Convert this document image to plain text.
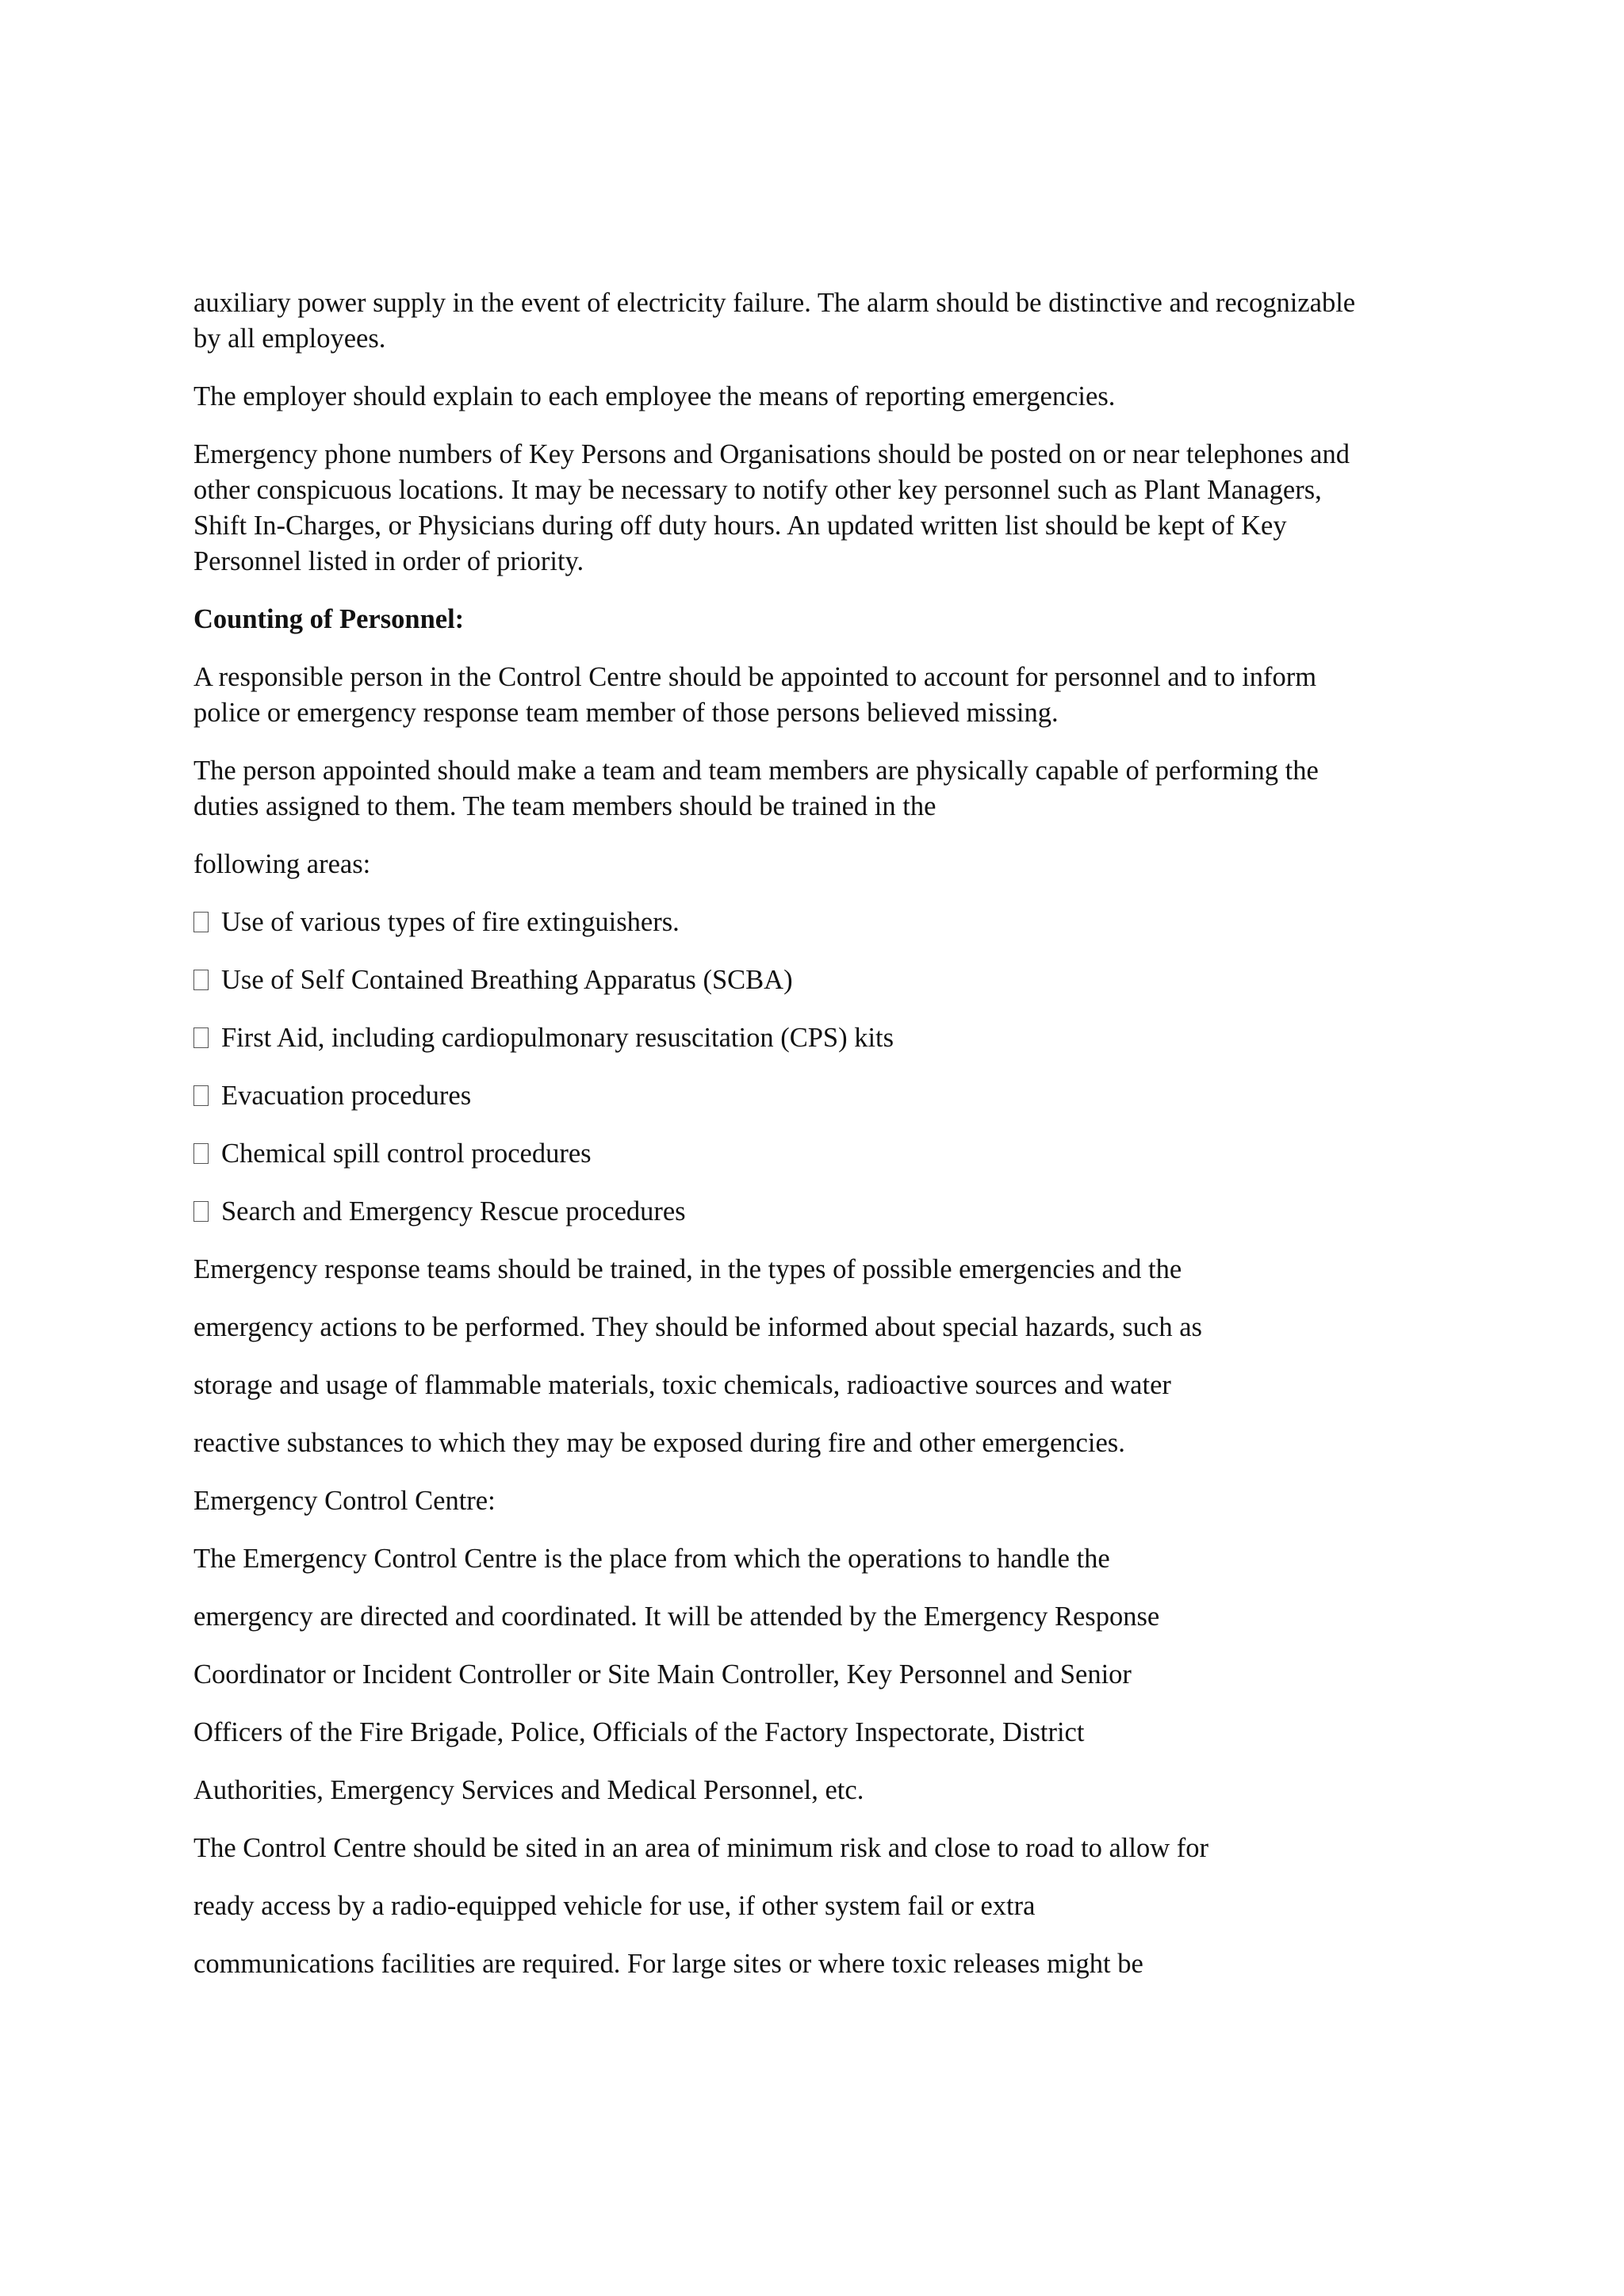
auxiliary power supply in the event of electricity failure. The alarm should be distinctive and recognizable
by all employees.

The employer should explain to each employee the means of reporting emergencies.

Emergency phone numbers of Key Persons and Organisations should be posted on or near telephones and
other conspicuous locations. It may be necessary to notify other key personnel such as Plant Managers,
Shift In-Charges, or Physicians during off duty hours. An updated written list should be kept of Key
Personnel listed in order of priority.

Counting of Personnel:

A responsible person in the Control Centre should be appointed to account for personnel and to inform
police or emergency response team member of those persons believed missing.

The person appointed should make a team and team members are physically capable of performing the
duties assigned to them. The team members should be trained in the

following areas:

Use of various types of fire extinguishers.
Use of Self Contained Breathing Apparatus (SCBA)
First Aid, including cardiopulmonary resuscitation (CPS) kits
Evacuation procedures
Chemical spill control procedures
Search and Emergency Rescue procedures
Emergency response teams should be trained, in the types of possible emergencies and the
emergency actions to be performed. They should be informed about special hazards, such as
storage and usage of flammable materials, toxic chemicals, radioactive sources and water
reactive substances to which they may be exposed during fire and other emergencies.
Emergency Control Centre:
The Emergency Control Centre is the place from which the operations to handle the
emergency are directed and coordinated. It will be attended by the Emergency Response
Coordinator or Incident Controller or Site Main Controller, Key Personnel and Senior
Officers of the Fire Brigade, Police, Officials of the Factory Inspectorate, District
Authorities, Emergency Services and Medical Personnel, etc.
The Control Centre should be sited in an area of minimum risk and close to road to allow for
ready access by a radio-equipped vehicle for use, if other system fail or extra
communications facilities are required. For large sites or where toxic releases might be
